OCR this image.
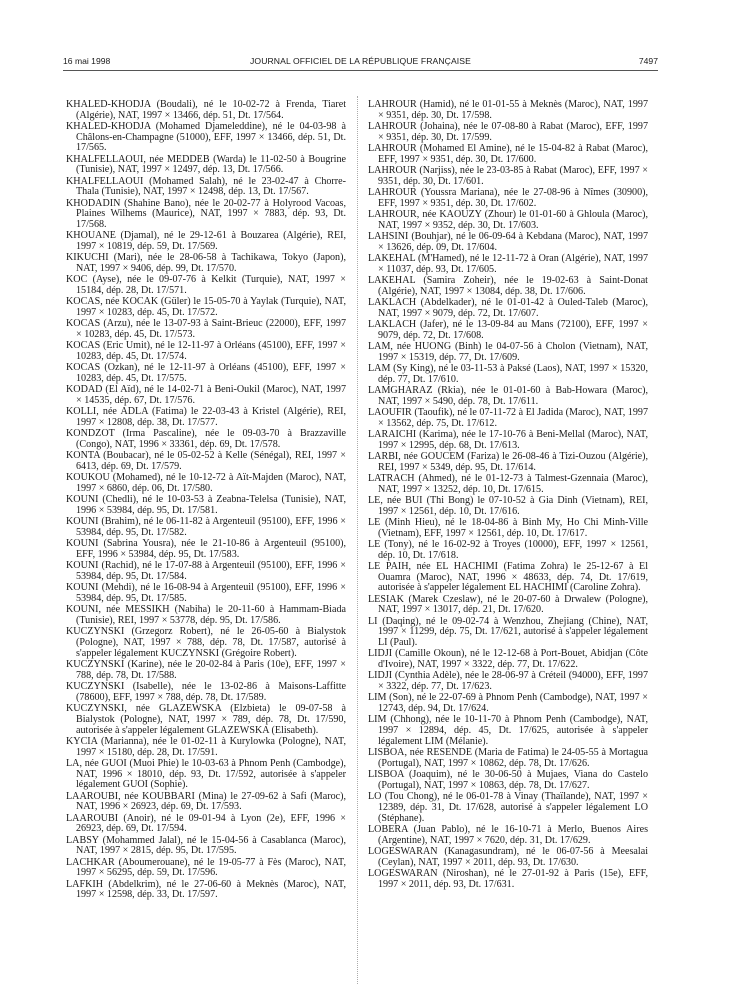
16 mai 1998	JOURNAL OFFICIEL DE LA RÉPUBLIQUE FRANÇAISE	7497

KHALED-KHODJA (Boudali), né le 10-02-72 à Frenda, Tiaret (Algérie), NAT, 1997 × 13466, dép. 51, Dt. 17/564.

KHALED-KHODJA (Mohamed Djameleddine), né le 04-03-98 à Châlons-en-Champagne (51000), EFF, 1997 × 13466, dép. 51, Dt. 17/565.

KHALFELLAOUI, née MEDDEB (Warda) le 11-02-50 à Bougrine (Tunisie), NAT, 1997 × 12497, dép. 13, Dt. 17/566.

KHALFELLAOUI (Mohamed Salah), né le 23-02-47 à Chorre-Thala (Tunisie), NAT, 1997 × 12498, dép. 13, Dt. 17/567.

KHODADIN (Shahine Bano), née le 20-02-77 à Holyrood Vacoas, Plaines Wilhems (Maurice), NAT, 1997 × 7883, dép. 93, Dt. 17/568.

KHOUANE (Djamal), né le 29-12-61 à Bouzarea (Algérie), REI, 1997 × 10819, dép. 59, Dt. 17/569.

KIKUCHI (Mari), née le 28-06-58 à Tachikawa, Tokyo (Japon), NAT, 1997 × 9406, dép. 99, Dt. 17/570.

KOC (Ayse), née le 09-07-76 à Kelkit (Turquie), NAT, 1997 × 15184, dép. 28, Dt. 17/571.

KOCAS, née KOCAK (Güler) le 15-05-70 à Yaylak (Turquie), NAT, 1997 × 10283, dép. 45, Dt. 17/572.

KOCAS (Arzu), née le 13-07-93 à Saint-Brieuc (22000), EFF, 1997 × 10283, dép. 45, Dt. 17/573.

KOCAS (Eric Umit), né le 12-11-97 à Orléans (45100), EFF, 1997 × 10283, dép. 45, Dt. 17/574.

KOCAS (Ozkan), né le 12-11-97 à Orléans (45100), EFF, 1997 × 10283, dép. 45, Dt. 17/575.

KODAD (El Aïd), né le 14-02-71 à Beni-Oukil (Maroc), NAT, 1997 × 14535, dép. 67, Dt. 17/576.

KOLLI, née ADLA (Fatima) le 22-03-43 à Kristel (Algérie), REI, 1997 × 12808, dép. 38, Dt. 17/577.

KONDZOT (Irma Pascaline), née le 09-03-70 à Brazzaville (Congo), NAT, 1996 × 33361, dép. 69, Dt. 17/578.

KONTA (Boubacar), né le 05-02-52 à Kelle (Sénégal), REI, 1997 × 6413, dép. 69, Dt. 17/579.

KOUKOU (Mohamed), né le 10-12-72 à Aït-Majden (Maroc), NAT, 1997 × 6860, dép. 06, Dt. 17/580.

KOUNI (Chedli), né le 10-03-53 à Zeabna-Telelsa (Tunisie), NAT, 1996 × 53984, dép. 95, Dt. 17/581.

KOUNI (Brahim), né le 06-11-82 à Argenteuil (95100), EFF, 1996 × 53984, dép. 95, Dt. 17/582.

KOUNI (Sabrina Yousra), née le 21-10-86 à Argenteuil (95100), EFF, 1996 × 53984, dép. 95, Dt. 17/583.

KOUNI (Rachid), né le 17-07-88 à Argenteuil (95100), EFF, 1996 × 53984, dép. 95, Dt. 17/584.

KOUNI (Mehdi), né le 16-08-94 à Argenteuil (95100), EFF, 1996 × 53984, dép. 95, Dt. 17/585.

KOUNI, née MESSIKH (Nabiha) le 20-11-60 à Hammam-Biada (Tunisie), REI, 1997 × 53778, dép. 95, Dt. 17/586.

KUCZYNSKI (Grzegorz Robert), né le 26-05-60 à Bialystok (Pologne), NAT, 1997 × 788, dép. 78, Dt. 17/587, autorisé à s'appeler légalement KUCZYNSKI (Grégoire Robert).

KUCZYNSKI (Karine), née le 20-02-84 à Paris (10e), EFF, 1997 × 788, dép. 78, Dt. 17/588.

KUCZYNSKI (Isabelle), née le 13-02-86 à Maisons-Laffitte (78600), EFF, 1997 × 788, dép. 78, Dt. 17/589.

KUCZYNSKI, née GLAZEWSKA (Elzbieta) le 09-07-58 à Bialystok (Pologne), NAT, 1997 × 789, dép. 78, Dt. 17/590, autorisée à s'appeler légalement GLAZEWSKA (Elisabeth).

KYCIA (Marianna), née le 01-02-11 à Kurylowka (Pologne), NAT, 1997 × 15180, dép. 28, Dt. 17/591.

LA, née GUOI (Muoi Phie) le 10-03-63 à Phnom Penh (Cambodge), NAT, 1996 × 18010, dép. 93, Dt. 17/592, autorisée à s'appeler légalement GUOI (Sophie).

LAAROUBI, née KOUBBARI (Mina) le 27-09-62 à Safi (Maroc), NAT, 1996 × 26923, dép. 69, Dt. 17/593.

LAAROUBI (Anoir), né le 09-01-94 à Lyon (2e), EFF, 1996 × 26923, dép. 69, Dt. 17/594.

LABSY (Mohammed Jalal), né le 15-04-56 à Casablanca (Maroc), NAT, 1997 × 2815, dép. 95, Dt. 17/595.

LACHKAR (Aboumerouane), né le 19-05-77 à Fès (Maroc), NAT, 1997 × 56295, dép. 59, Dt. 17/596.

LAFKIH (Abdelkrim), né le 27-06-60 à Meknès (Maroc), NAT, 1997 × 12598, dép. 33, Dt. 17/597.

LAHROUR (Hamid), né le 01-01-55 à Meknès (Maroc), NAT, 1997 × 9351, dép. 30, Dt. 17/598.

LAHROUR (Johaina), née le 07-08-80 à Rabat (Maroc), EFF, 1997 × 9351, dép. 30, Dt. 17/599.

LAHROUR (Mohamed El Amine), né le 15-04-82 à Rabat (Maroc), EFF, 1997 × 9351, dép. 30, Dt. 17/600.

LAHROUR (Narjiss), née le 23-03-85 à Rabat (Maroc), EFF, 1997 × 9351, dép. 30, Dt. 17/601.

LAHROUR (Youssra Mariana), née le 27-08-96 à Nîmes (30900), EFF, 1997 × 9351, dép. 30, Dt. 17/602.

LAHROUR, née KAOUZY (Zhour) le 01-01-60 à Ghloula (Maroc), NAT, 1997 × 9352, dép. 30, Dt. 17/603.

LAHSINI (Bouhjar), né le 06-09-64 à Kebdana (Maroc), NAT, 1997 × 13626, dép. 09, Dt. 17/604.

LAKEHAL (M'Hamed), né le 12-11-72 à Oran (Algérie), NAT, 1997 × 11037, dép. 93, Dt. 17/605.

LAKEHAL (Samira Zoheir), née le 19-02-63 à Saint-Donat (Algérie), NAT, 1997 × 13084, dép. 38, Dt. 17/606.

LAKLACH (Abdelkader), né le 01-01-42 à Ouled-Taleb (Maroc), NAT, 1997 × 9079, dép. 72, Dt. 17/607.

LAKLACH (Jafer), né le 13-09-84 au Mans (72100), EFF, 1997 × 9079, dép. 72, Dt. 17/608.

LAM, née HUONG (Binh) le 04-07-56 à Cholon (Vietnam), NAT, 1997 × 15319, dép. 77, Dt. 17/609.

LAM (Sy King), né le 03-11-53 à Paksé (Laos), NAT, 1997 × 15320, dép. 77, Dt. 17/610.

LAMGHARAZ (Rkia), née le 01-01-60 à Bab-Howara (Maroc), NAT, 1997 × 5490, dép. 78, Dt. 17/611.

LAOUFIR (Taoufik), né le 07-11-72 à El Jadida (Maroc), NAT, 1997 × 13562, dép. 75, Dt. 17/612.

LARAICHI (Karima), née le 17-10-76 à Beni-Mellal (Maroc), NAT, 1997 × 12995, dép. 68, Dt. 17/613.

LARBI, née GOUCEM (Fariza) le 26-08-46 à Tizi-Ouzou (Algérie), REI, 1997 × 5349, dép. 95, Dt. 17/614.

LATRACH (Ahmed), né le 01-12-73 à Talmest-Gzennaia (Maroc), NAT, 1997 × 13252, dép. 10, Dt. 17/615.

LE, née BUI (Thi Bong) le 07-10-52 à Gia Dinh (Vietnam), REI, 1997 × 12561, dép. 10, Dt. 17/616.

LE (Minh Hieu), né le 18-04-86 à Binh My, Ho Chi Minh-Ville (Vietnam), EFF, 1997 × 12561, dép. 10, Dt. 17/617.

LE (Tony), né le 16-02-92 à Troyes (10000), EFF, 1997 × 12561, dép. 10, Dt. 17/618.

LE PAIH, née EL HACHIMI (Fatima Zohra) le 25-12-67 à El Ouamra (Maroc), NAT, 1996 × 48633, dép. 74, Dt. 17/619, autorisée à s'appeler légalement EL HACHIMI (Caroline Zohra).

LESIAK (Marek Czeslaw), né le 20-07-60 à Drwalew (Pologne), NAT, 1997 × 13017, dép. 21, Dt. 17/620.

LI (Daqing), né le 09-02-74 à Wenzhou, Zhejiang (Chine), NAT, 1997 × 11299, dép. 75, Dt. 17/621, autorisé à s'appeler légalement LI (Paul).

LIDJI (Camille Okoun), né le 12-12-68 à Port-Bouet, Abidjan (Côte d'Ivoire), NAT, 1997 × 3322, dép. 77, Dt. 17/622.

LIDJI (Cynthia Adèle), née le 28-06-97 à Créteil (94000), EFF, 1997 × 3322, dép. 77, Dt. 17/623.

LIM (Son), né le 22-07-69 à Phnom Penh (Cambodge), NAT, 1997 × 12743, dép. 94, Dt. 17/624.

LIM (Chhong), née le 10-11-70 à Phnom Penh (Cambodge), NAT, 1997 × 12894, dép. 45, Dt. 17/625, autorisée à s'appeler légalement LIM (Mélanie).

LISBOA, née RESENDE (Maria de Fatima) le 24-05-55 à Mortagua (Portugal), NAT, 1997 × 10862, dép. 78, Dt. 17/626.

LISBOA (Joaquim), né le 30-06-50 à Mujaes, Viana do Castelo (Portugal), NAT, 1997 × 10863, dép. 78, Dt. 17/627.

LO (Tou Chong), né le 06-01-78 à Vinay (Thaïlande), NAT, 1997 × 12389, dép. 31, Dt. 17/628, autorisé à s'appeler légalement LO (Stéphane).

LOBERA (Juan Pablo), né le 16-10-71 à Merlo, Buenos Aires (Argentine), NAT, 1997 × 7620, dép. 31, Dt. 17/629.

LOGESWARAN (Kanagasundram), né le 06-07-56 à Meesalai (Ceylan), NAT, 1997 × 2011, dép. 93, Dt. 17/630.

LOGESWARAN (Niroshan), né le 27-01-92 à Paris (15e), EFF, 1997 × 2011, dép. 93, Dt. 17/631.
